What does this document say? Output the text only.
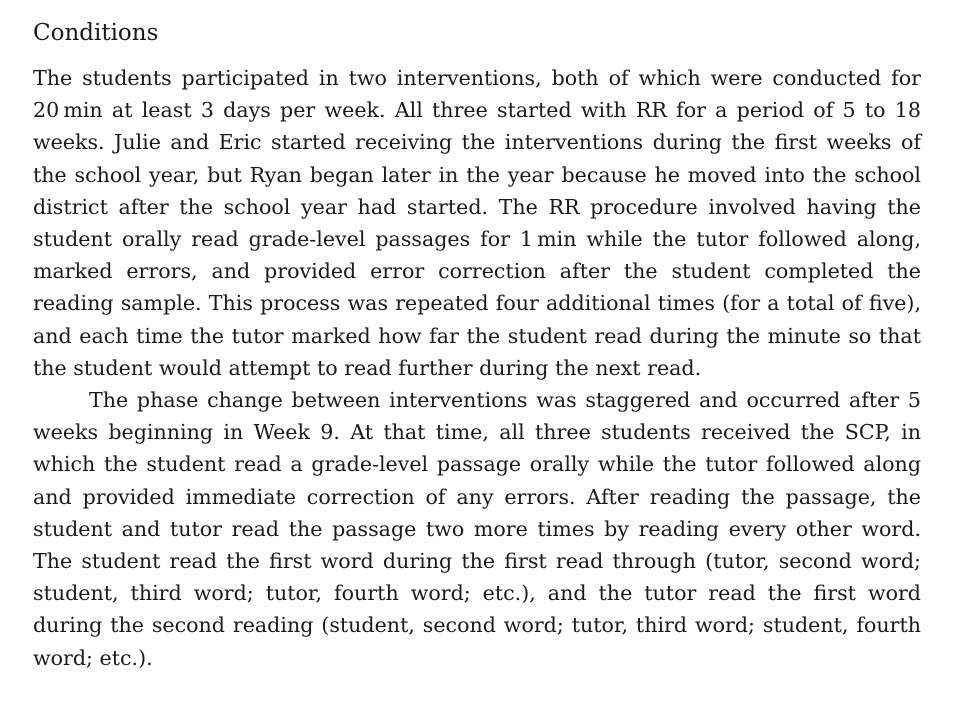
Conditions

The students participated in two interventions, both of which were conducted for 20 min at least 3 days per week. All three started with RR for a period of 5 to 18 weeks. Julie and Eric started receiving the interventions during the first weeks of the school year, but Ryan began later in the year because he moved into the school district after the school year had started. The RR procedure involved having the student orally read grade-level passages for 1 min while the tutor followed along, marked errors, and provided error correction after the student completed the reading sample. This process was repeated four additional times (for a total of five), and each time the tutor marked how far the student read during the minute so that the student would attempt to read further during the next read.

The phase change between interventions was staggered and occurred after 5 weeks beginning in Week 9. At that time, all three students received the SCP, in which the student read a grade-level passage orally while the tutor followed along and provided immediate correction of any errors. After reading the passage, the student and tutor read the passage two more times by reading every other word. The student read the first word during the first read through (tutor, second word; student, third word; tutor, fourth word; etc.), and the tutor read the first word during the second reading (student, second word; tutor, third word; student, fourth word; etc.).
